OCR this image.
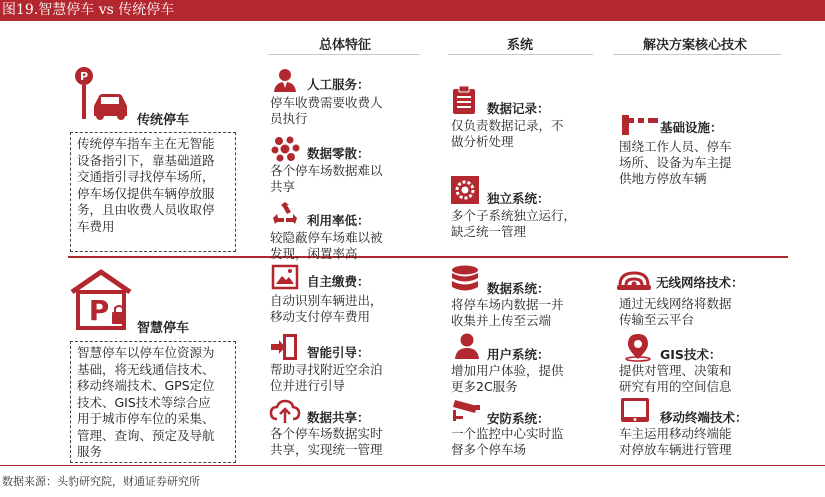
图19.智慧停车 vs 传统停车
总体特征	系统	解决方案核心技术
P
传统停车
传统停车指车主在无智能
设备指引下，靠基础道路
交通指引寻找停车场所，
停车场仅提供车辆停放服
务，且由收费人员收取停
车费用
人工服务：
停车收费需要收费人
员执行
数据零散：
各个停车场数据难以
共享
利用率低：
较隐蔽停车场难以被
发现，闲置率高
数据记录：
仅负责数据记录，不
做分析处理
独立系统：
多个子系统独立运行，
缺乏统一管理
基础设施：
围绕工作人员、停车
场所、设备为车主提
供地方停放车辆
P
智慧停车
智慧停车以停车位资源为
基础，将无线通信技术、
移动终端技术、GPS定位
技术、GIS技术等综合应
用于城市停车位的采集、
管理、查询、预定及导航
服务
自主缴费：
自动识别车辆进出，
移动支付停车费用
智能引导：
帮助寻找附近空余泊
位并进行引导
数据共享：
各个停车场数据实时
共享，实现统一管理
数据系统：
将停车场内数据一并
收集并上传至云端
用户系统：
增加用户体验，提供
更多2C服务
安防系统：
一个监控中心实时监
督多个停车场
无线网络技术：
通过无线网络将数据
传输至云平台
GIS技术：
提供对管理、决策和
研究有用的空间信息
移动终端技术：
车主运用移动终端能
对停放车辆进行管理
数据来源：头豹研究院，财通证券研究所
